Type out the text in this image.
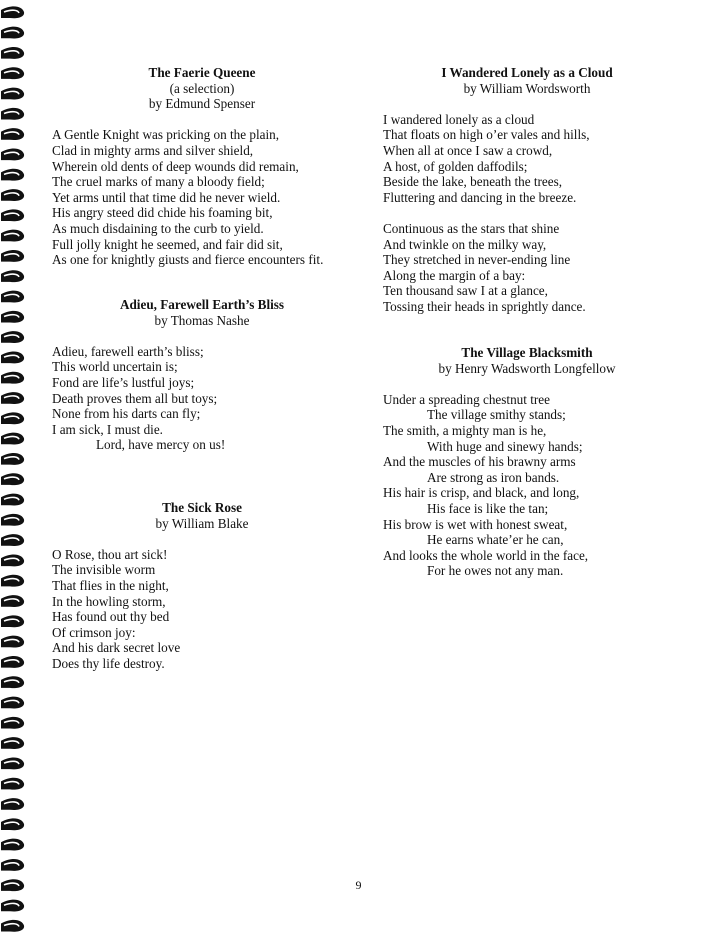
The Faerie Queene
(a selection)
by Edmund Spenser
A Gentle Knight was pricking on the plain,
Clad in mighty arms and silver shield,
Wherein old dents of deep wounds did remain,
The cruel marks of many a bloody field;
Yet arms until that time did he never wield.
His angry steed did chide his foaming bit,
As much disdaining to the curb to yield.
Full jolly knight he seemed, and fair did sit,
As one for knightly giusts and fierce encounters fit.
Adieu, Farewell Earth’s Bliss
by Thomas Nashe
Adieu, farewell earth’s bliss;
This world uncertain is;
Fond are life’s lustful joys;
Death proves them all but toys;
None from his darts can fly;
I am sick, I must die.
Lord, have mercy on us!
The Sick Rose
by William Blake
O Rose, thou art sick!
The invisible worm
That flies in the night,
In the howling storm,
Has found out thy bed
Of crimson joy:
And his dark secret love
Does thy life destroy.
I Wandered Lonely as a Cloud
by William Wordsworth
I wandered lonely as a cloud
That floats on high o’er vales and hills,
When all at once I saw a crowd,
A host, of golden daffodils;
Beside the lake, beneath the trees,
Fluttering and dancing in the breeze.
Continuous as the stars that shine
And twinkle on the milky way,
They stretched in never-ending line
Along the margin of a bay:
Ten thousand saw I at a glance,
Tossing their heads in sprightly dance.
The Village Blacksmith
by Henry Wadsworth Longfellow
Under a spreading chestnut tree
The village smithy stands;
The smith, a mighty man is he,
With huge and sinewy hands;
And the muscles of his brawny arms
Are strong as iron bands.
His hair is crisp, and black, and long,
His face is like the tan;
His brow is wet with honest sweat,
He earns whate’er he can,
And looks the whole world in the face,
For he owes not any man.
9
